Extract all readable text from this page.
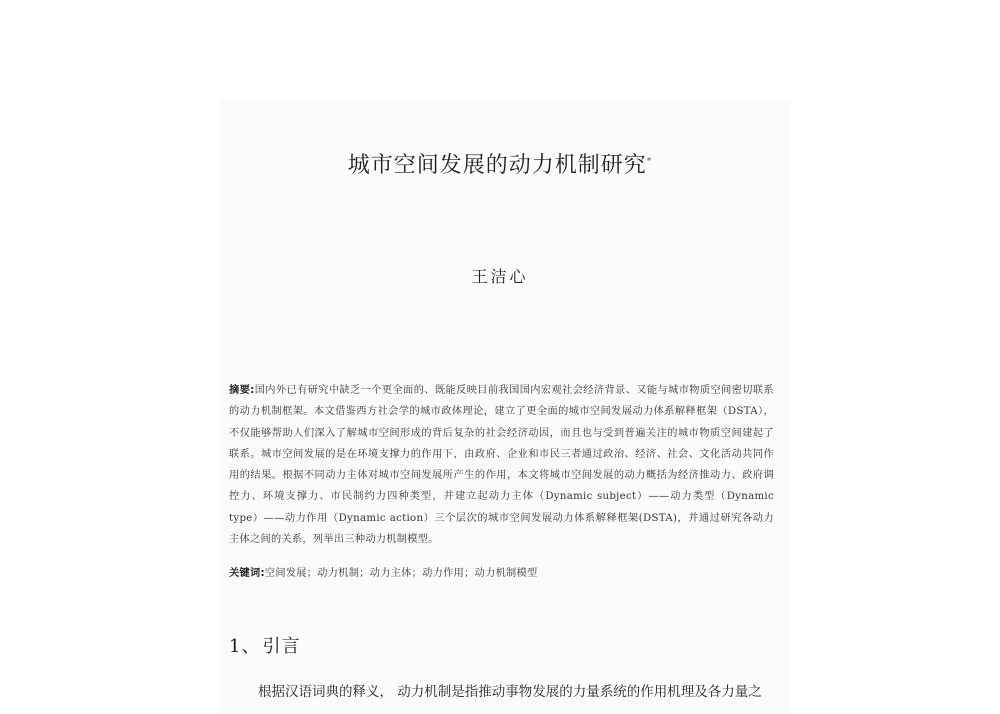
城市空间发展的动力机制研究*
王洁心
摘要:国内外已有研究中缺乏一个更全面的、既能反映目前我国国内宏观社会经济背景、又能与城市物质空间密切联系的动力机制框架。本文借鉴西方社会学的城市政体理论，建立了更全面的城市空间发展动力体系解释框架（DSTA），不仅能够帮助人们深入了解城市空间形成的背后复杂的社会经济动因，而且也与受到普遍关注的城市物质空间建起了联系。城市空间发展的是在环境支撑力的作用下，由政府、企业和市民三者通过政治、经济、社会、文化活动共同作用的结果。根据不同动力主体对城市空间发展所产生的作用，本文将城市空间发展的动力概括为经济推动力、政府调控力、环境支撑力、市民制约力四种类型，并建立起动力主体（Dynamic subject）——动力类型（Dynamic type）——动力作用（Dynamic action）三个层次的城市空间发展动力体系解释框架(DSTA)，并通过研究各动力主体之间的关系，列举出三种动力机制模型。
关键词:空间发展；动力机制；动力主体；动力作用；动力机制模型
1、 引言
根据汉语词典的释义， 动力机制是指推动事物发展的力量系统的作用机理及各力量之
